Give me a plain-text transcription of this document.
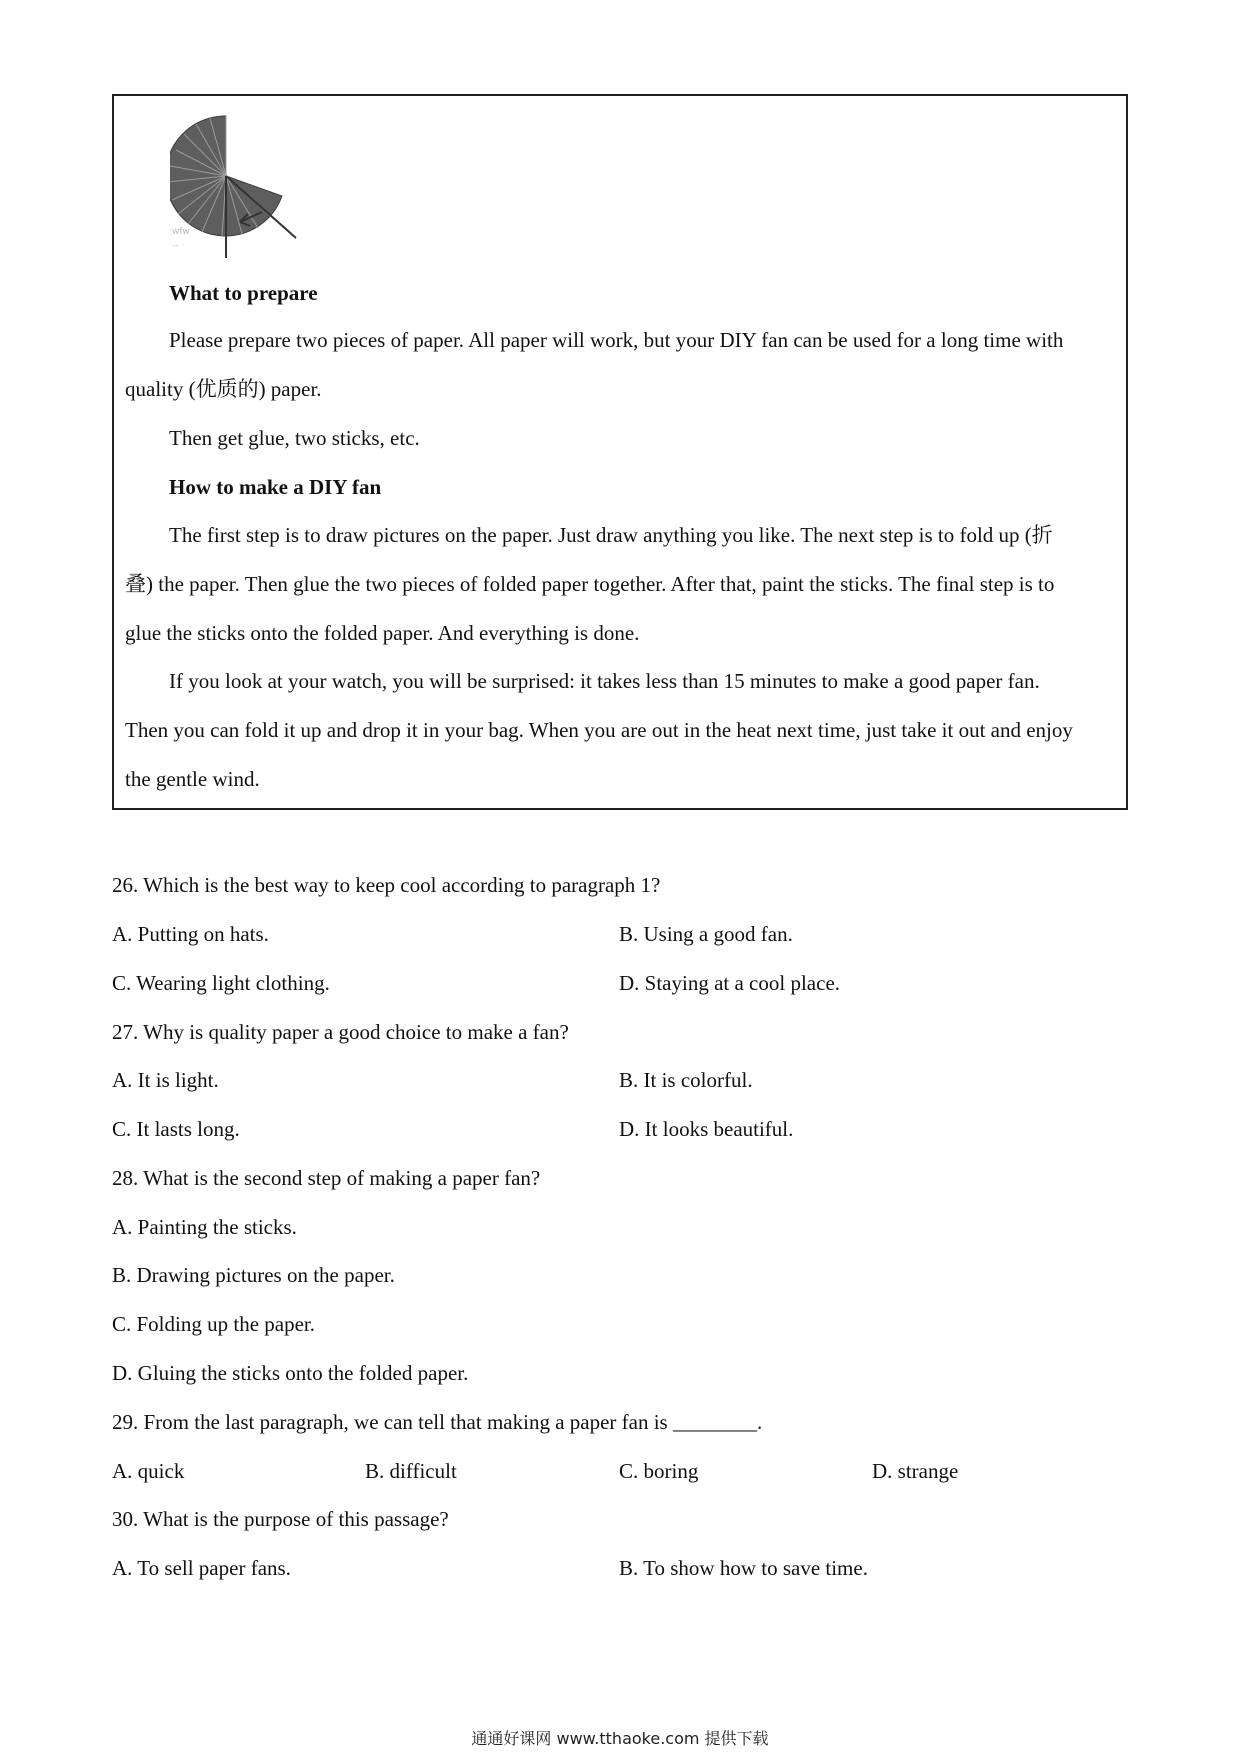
wfw
-- ·
What to prepare
Please prepare two pieces of paper. All paper will work, but your DIY fan can be used for a long time with
quality (优质的) paper.
Then get glue, two sticks, etc.
How to make a DIY fan
The first step is to draw pictures on the paper. Just draw anything you like. The next step is to fold up (折
叠) the paper. Then glue the two pieces of folded paper together. After that, paint the sticks. The final step is to
glue the sticks onto the folded paper. And everything is done.
If you look at your watch, you will be surprised: it takes less than 15 minutes to make a good paper fan.
Then you can fold it up and drop it in your bag. When you are out in the heat next time, just take it out and enjoy
the gentle wind.
26. Which is the best way to keep cool according to paragraph 1?
A. Putting on hats.	B. Using a good fan.
C. Wearing light clothing.	D. Staying at a cool place.
27. Why is quality paper a good choice to make a fan?
A. It is light.	B. It is colorful.
C. It lasts long.	D. It looks beautiful.
28. What is the second step of making a paper fan?
A. Painting the sticks.
B. Drawing pictures on the paper.
C. Folding up the paper.
D. Gluing the sticks onto the folded paper.
29. From the last paragraph, we can tell that making a paper fan is ________.
A. quick	B. difficult	C. boring	D. strange
30. What is the purpose of this passage?
A. To sell paper fans.	B. To show how to save time.
通通好课网 www.tthaoke.com 提供下载
